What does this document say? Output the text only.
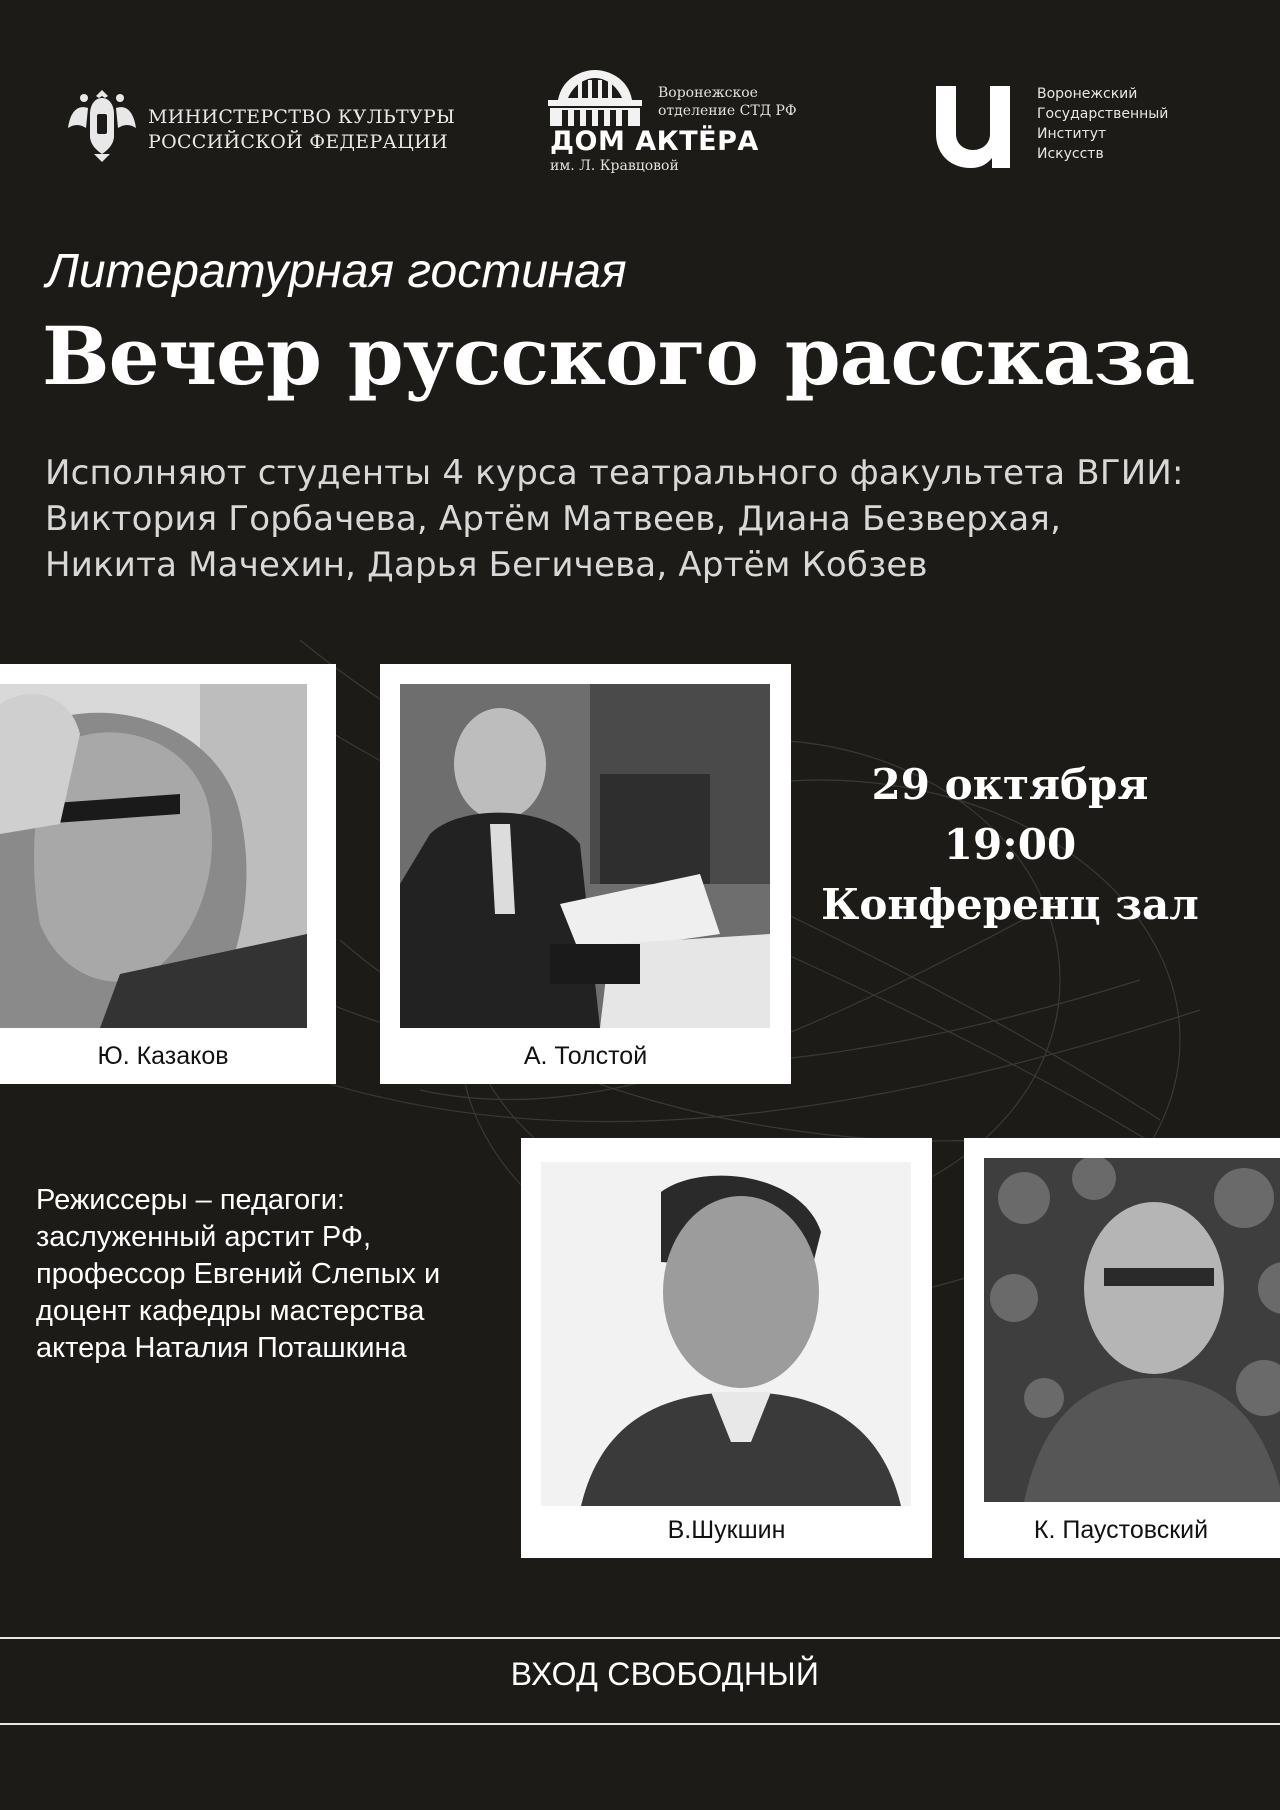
МИНИСТЕРСТВО КУЛЬТУРЫ
РОССИЙСКОЙ ФЕДЕРАЦИИ
Воронежское
отделение СТД РФ
ДОМ АКТЁРА
им. Л. Кравцовой
Воронежский
Государственный
Институт
Искусств
Литературная гостиная
Вечер русского рассказа
Исполняют студенты 4 курса театрального факультета ВГИИ:
Виктория Горбачева, Артём Матвеев, Диана Безверхая,
Никита Мачехин, Дарья Бегичева, Артём Кобзев
Ю. Казаков	А. Толстой
В.Шукшин	К. Паустовский
29 октября
19:00
Конференц зал
Режиссеры – педагоги:
заслуженный арстит РФ,
профессор Евгений Слепых и
доцент кафедры мастерства
актера Наталия Поташкина
ВХОД СВОБОДНЫЙ
